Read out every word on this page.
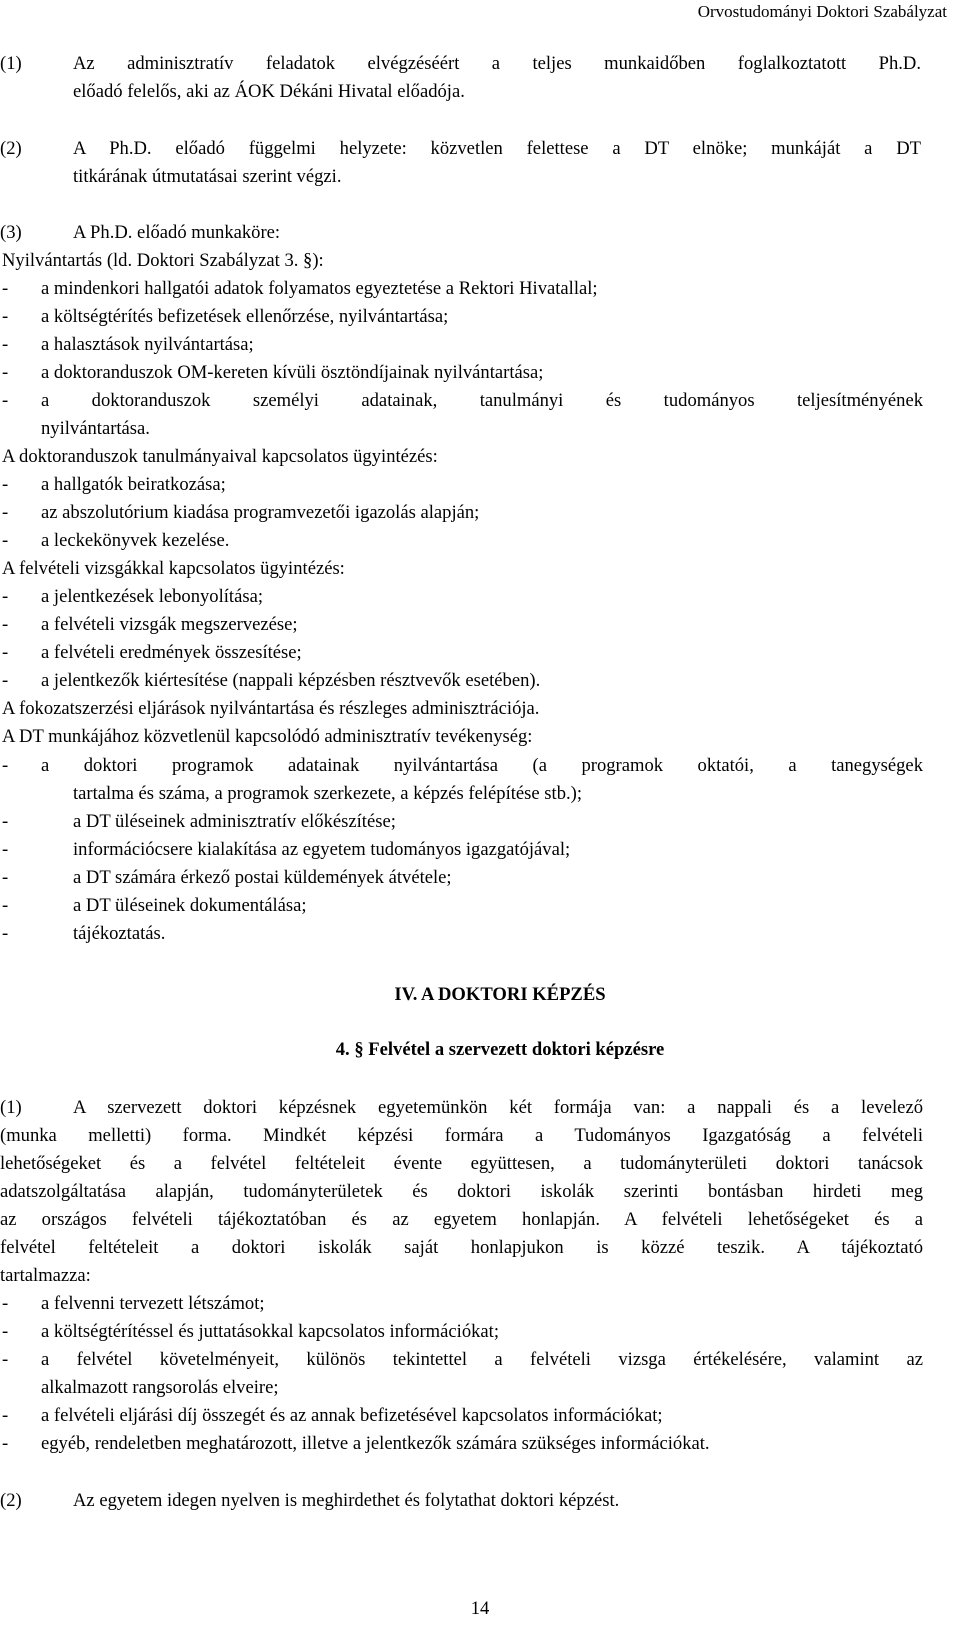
Orvostudományi Doktori Szabályzat
(1)	Az adminisztratív feladatok elvégzéséért a teljes munkaidőben foglalkoztatott Ph.D.
előadó felelős, aki az ÁOK Dékáni Hivatal előadója.
(2)	A Ph.D. előadó függelmi helyzete: közvetlen felettese a DT elnöke; munkáját a DT
titkárának útmutatásai szerint végzi.
(3)	A Ph.D. előadó munkaköre:
Nyilvántartás (ld. Doktori Szabályzat 3. §):
- a mindenkori hallgatói adatok folyamatos egyeztetése a Rektori Hivatallal;
- a költségtérítés befizetések ellenőrzése, nyilvántartása;
- a halasztások nyilvántartása;
- a doktoranduszok OM-kereten kívüli ösztöndíjainak nyilvántartása;
- a doktoranduszok személyi adatainak, tanulmányi és tudományos teljesítményének
nyilvántartása.
A doktoranduszok tanulmányaival kapcsolatos ügyintézés:
- a hallgatók beiratkozása;
- az abszolutórium kiadása programvezetői igazolás alapján;
- a leckekönyvek kezelése.
A felvételi vizsgákkal kapcsolatos ügyintézés:
- a jelentkezések lebonyolítása;
- a felvételi vizsgák megszervezése;
- a felvételi eredmények összesítése;
- a jelentkezők kiértesítése (nappali képzésben résztvevők esetében).
A fokozatszerzési eljárások nyilvántartása és részleges adminisztrációja.
A DT munkájához közvetlenül kapcsolódó adminisztratív tevékenység:
- a doktori programok adatainak nyilvántartása (a programok oktatói, a tanegységek
tartalma és száma, a programok szerkezete, a képzés felépítése stb.);
-	a DT üléseinek adminisztratív előkészítése;
-	információcsere kialakítása az egyetem tudományos igazgatójával;
-	a DT számára érkező postai küldemények átvétele;
-	a DT üléseinek dokumentálása;
-	tájékoztatás.
IV. A DOKTORI KÉPZÉS
4. § Felvétel a szervezett doktori képzésre
(1)	A szervezett doktori képzésnek egyetemünkön két formája van: a nappali és a levelező
(munka melletti) forma. Mindkét képzési formára a Tudományos Igazgatóság a felvételi
lehetőségeket és a felvétel feltételeit évente együttesen, a tudományterületi doktori tanácsok
adatszolgáltatása alapján, tudományterületek és doktori iskolák szerinti bontásban hirdeti meg
az országos felvételi tájékoztatóban és az egyetem honlapján. A felvételi lehetőségeket és a
felvétel feltételeit a doktori iskolák saját honlapjukon is közzé teszik. A tájékoztató
tartalmazza:
- a felvenni tervezett létszámot;
- a költségtérítéssel és juttatásokkal kapcsolatos információkat;
- a felvétel követelményeit, különös tekintettel a felvételi vizsga értékelésére, valamint az
alkalmazott rangsorolás elveire;
- a felvételi eljárási díj összegét és az annak befizetésével kapcsolatos információkat;
- egyéb, rendeletben meghatározott, illetve a jelentkezők számára szükséges információkat.
(2)	Az egyetem idegen nyelven is meghirdethet és folytathat doktori képzést.
14
